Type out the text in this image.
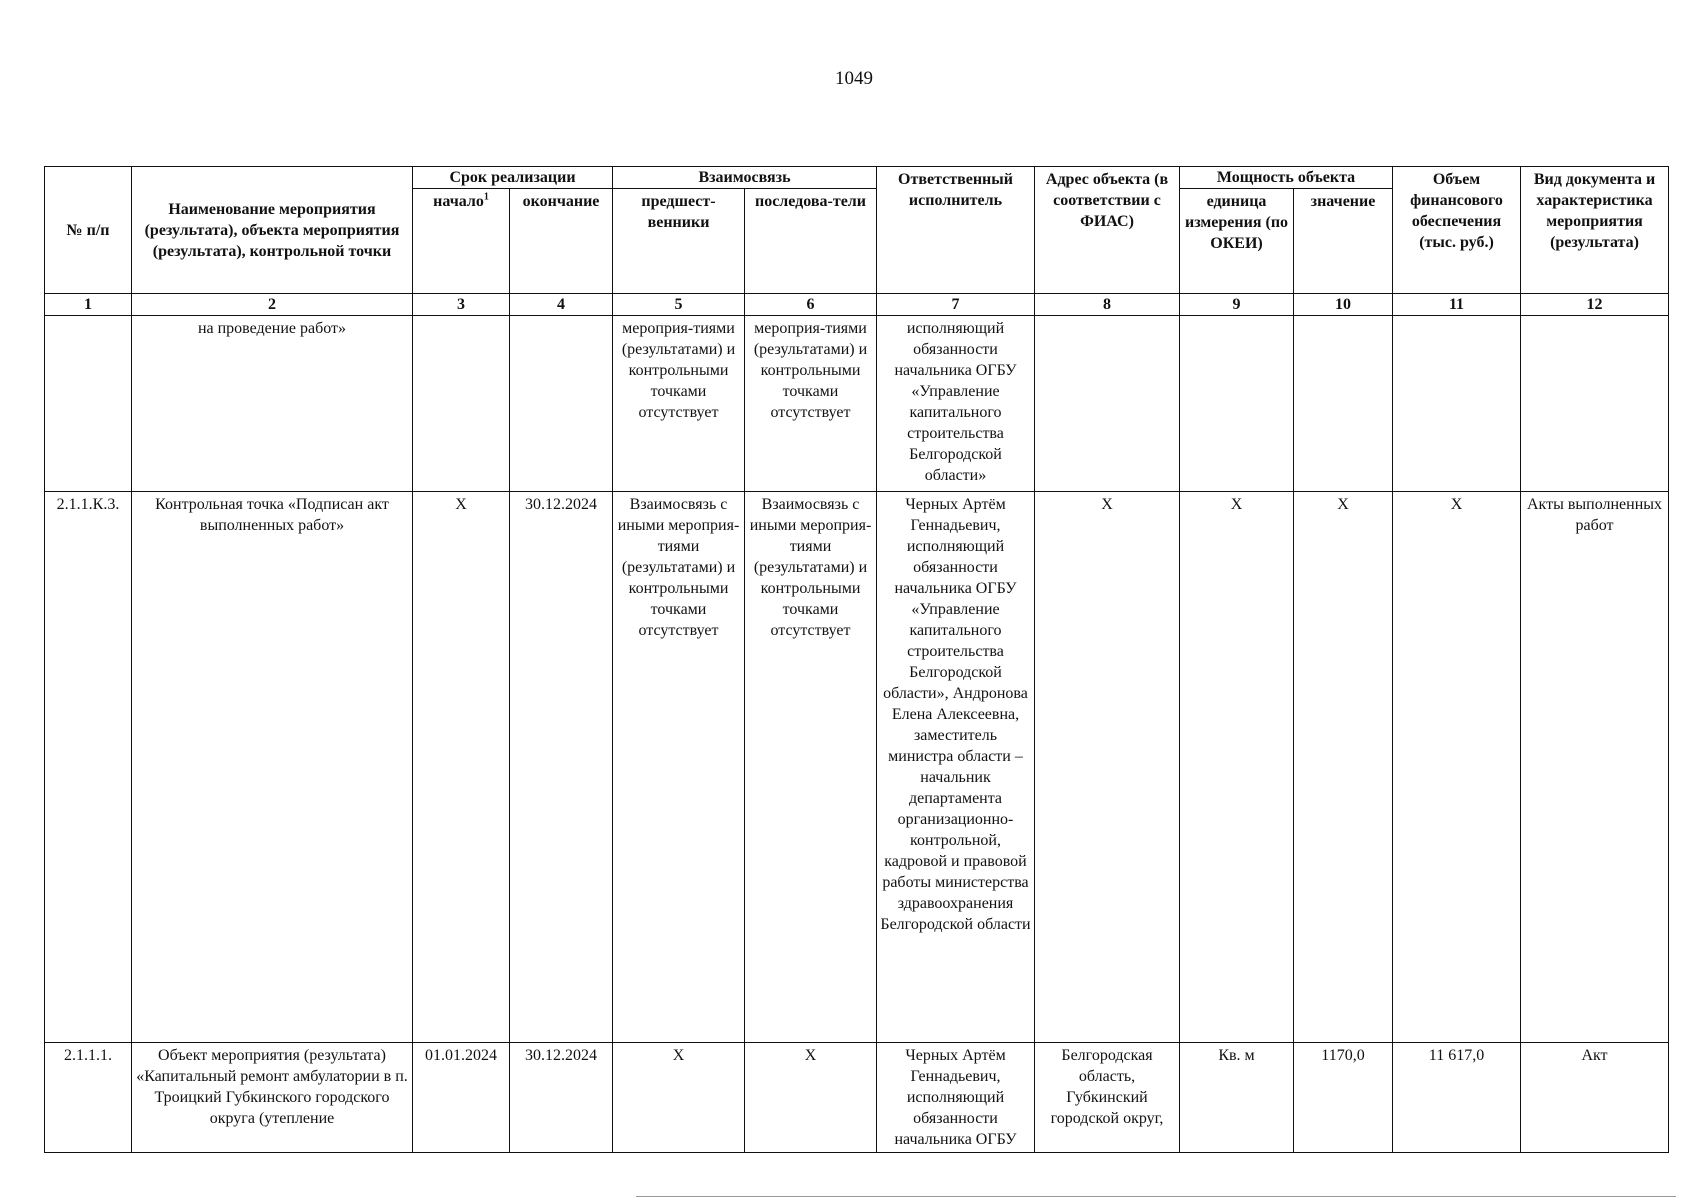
1049
№ п/п	Наименование мероприятия (результата), объекта мероприятия (результата), контрольной точки	Срок реализации		Взаимосвязь		Ответственный исполнитель	Адрес объекта (в соответствии с ФИАС)	Мощность объекта		Объем финансового обеспечения (тыс. руб.)	Вид документа и характеристика мероприятия (результата)
		начало$^1$	окончание	предшест-венники	последова-тели			единица измерения (по ОКЕИ)	значение		
1	2	3	4	5	6	7	8	9	10	11	12
	на проведение работ»			мероприя-тиями (результатами) и контрольными точками отсутствует	мероприя-тиями (результатами) и контрольными точками отсутствует	исполняющий обязанности начальника ОГБУ «Управление капитального строительства Белгородской области»					
2.1.1.К.3.	Контрольная точка «Подписан акт выполненных работ»	X	30.12.2024	Взаимосвязь с иными мероприя-тиями (результатами) и контрольными точками отсутствует	Взаимосвязь с иными мероприя-тиями (результатами) и контрольными точками отсутствует	Черных Артём Геннадьевич, исполняющий обязанности начальника ОГБУ «Управление капитального строительства Белгородской области», Андронова Елена Алексеевна, заместитель министра области – начальник департамента организационно-контрольной, кадровой и правовой работы министерства здравоохранения Белгородской области	X	X	X	X	Акты выполненных работ
2.1.1.1.	Объект мероприятия (результата) «Капитальный ремонт амбулатории в п. Троицкий Губкинского городского округа (утепление	01.01.2024	30.12.2024	X	X	Черных Артём Геннадьевич, исполняющий обязанности начальника ОГБУ	Белгородская область, Губкинский городской округ,	Кв. м	1170,0	11 617,0	Акт
